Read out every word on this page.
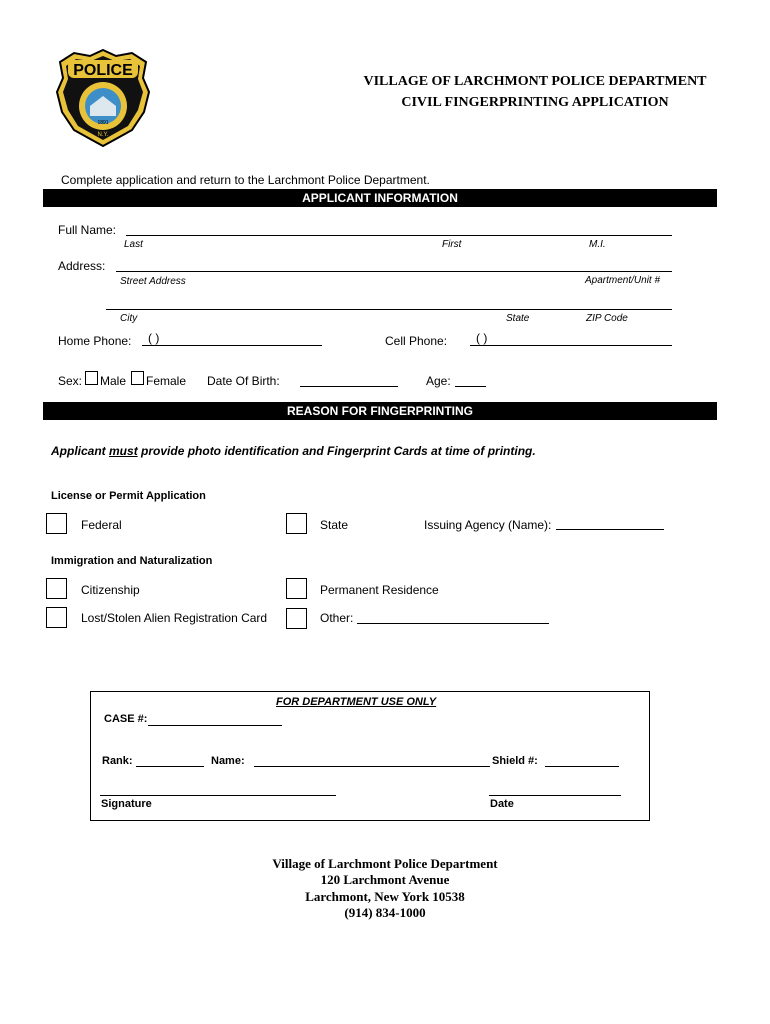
POLICE
1891
N.Y.
VILLAGE OF LARCHMONT POLICE DEPARTMENT
CIVIL FINGERPRINTING APPLICATION
Complete application and return to the Larchmont Police Department.
APPLICANT INFORMATION
Full Name:
Last	First	M.I.
Address:
Street Address	Apartment/Unit #
City	State	ZIP Code
Home Phone: ( )	Cell Phone: ( )
Sex: Male Female Date Of Birth:	Age:
REASON FOR FINGERPRINTING
Applicant must provide photo identification and Fingerprint Cards at time of printing.
License or Permit Application
Federal	State	Issuing Agency (Name):
Immigration and Naturalization
Citizenship	Permanent Residence
Lost/Stolen Alien Registration Card	Other:
FOR DEPARTMENT USE ONLY
CASE #:
Rank:	Name:	Shield #:
Signature	Date
Village of Larchmont Police Department
120 Larchmont Avenue
Larchmont, New York 10538
(914) 834-1000
